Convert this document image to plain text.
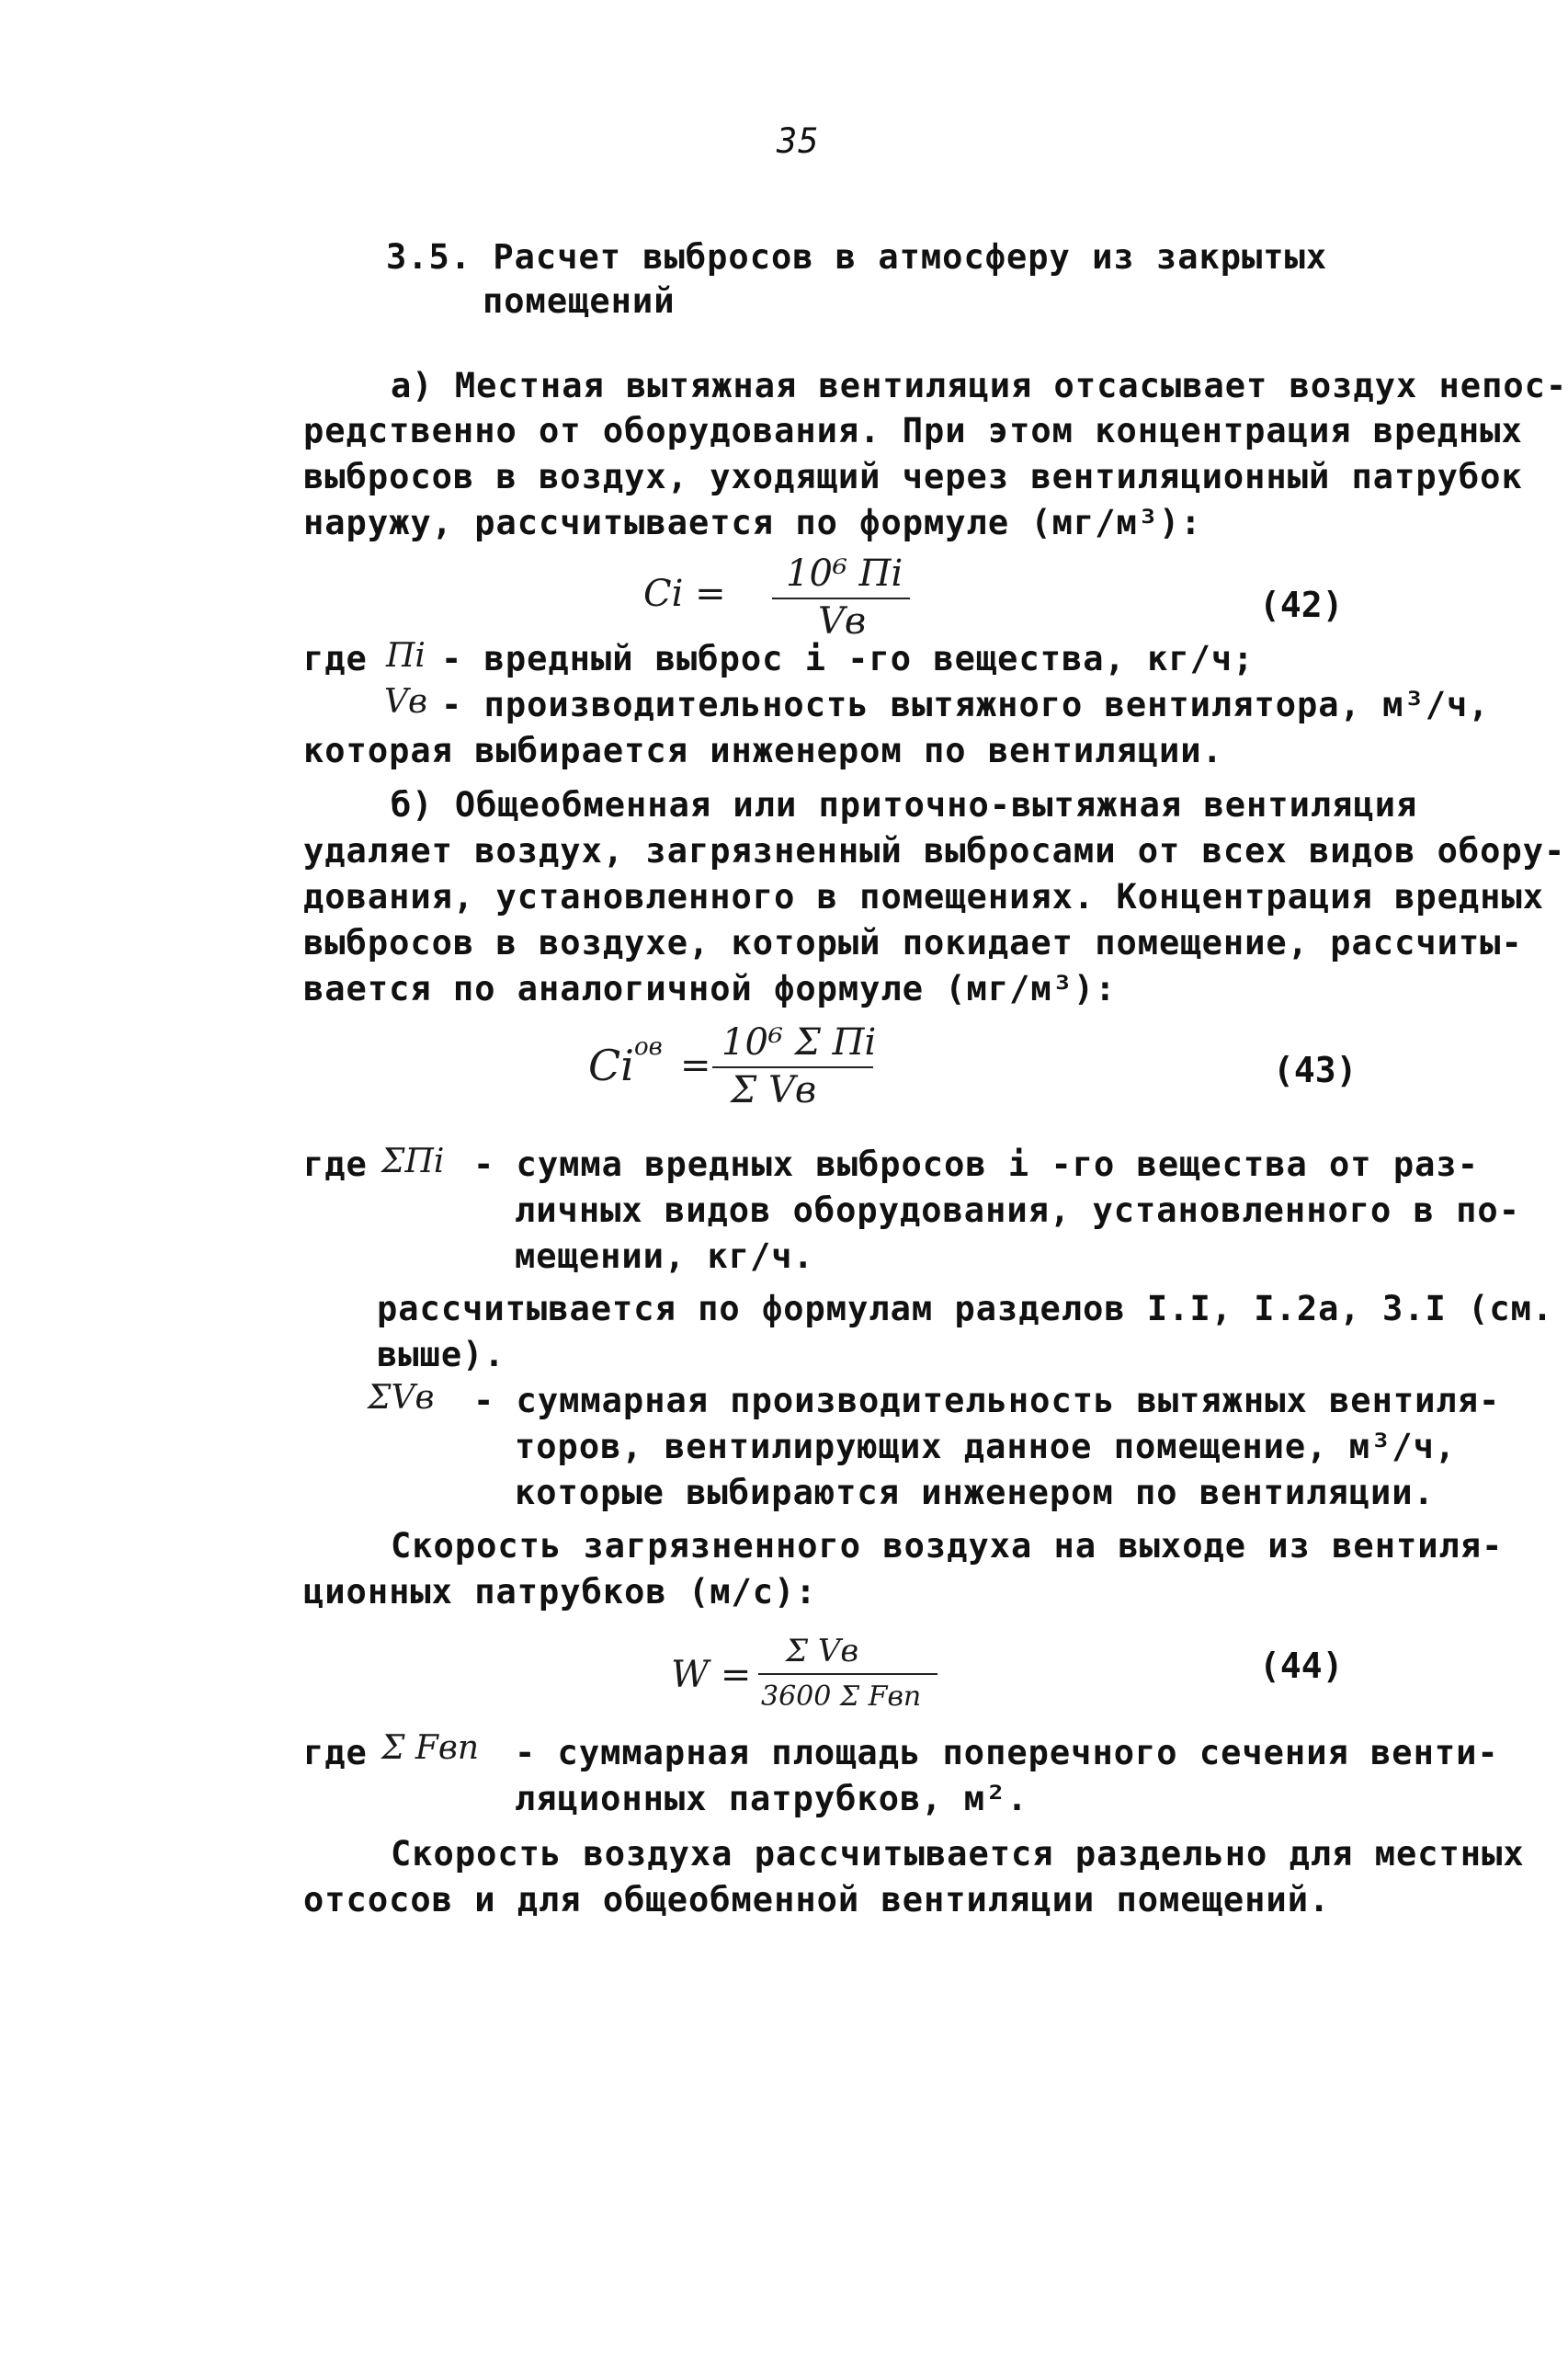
35
3.5. Расчет выбросов в атмосферу из закрытых
помещений
а) Местная вытяжная вентиляция отсасывает воздух непос-
редственно от оборудования. При этом концентрация вредных
выбросов в воздух, уходящий через вентиляционный патрубок
наружу, рассчитывается по формуле (мг/м³):
Ci = 10⁶ Пi
Vв	(42)
где Пi - вредный выброс i -го вещества, кг/ч;
Vв - производительность вытяжного вентилятора, м³/ч,
которая выбирается инженером по вентиляции.
б) Общеобменная или приточно-вытяжная вентиляция
удаляет воздух, загрязненный выбросами от всех видов обору-
дования, установленного в помещениях. Концентрация вредных
выбросов в воздухе, который покидает помещение, рассчиты-
вается по аналогичной формуле (мг/м³):
Ci ов =
10⁶ Σ Пi
Σ Vв	(43)
где ΣПi - сумма вредных выбросов i -го вещества от раз-
личных видов оборудования, установленного в по-
мещении, кг/ч.
рассчитывается по формулам разделов I.I, I.2а, 3.I (см.
выше).
ΣVв - суммарная производительность вытяжных вентиля-
торов, вентилирующих данное помещение, м³/ч,
которые выбираются инженером по вентиляции.
Скорость загрязненного воздуха на выходе из вентиля-
ционных патрубков (м/с):
W =
Σ Vв
3600 Σ Fвп
(44)
где Σ Fвп - суммарная площадь поперечного сечения венти-
ляционных патрубков, м².
Скорость воздуха рассчитывается раздельно для местных
отсосов и для общеобменной вентиляции помещений.
